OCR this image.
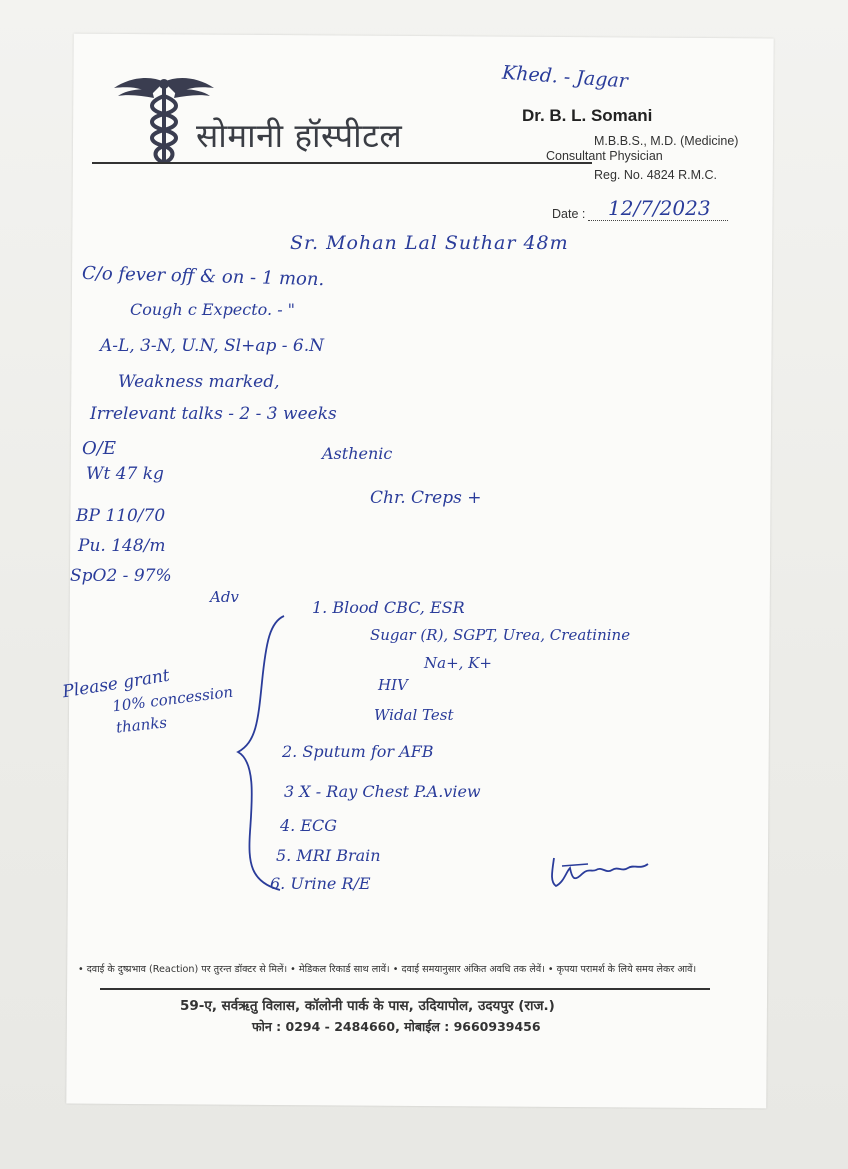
सोमानी हॉस्पीटल
Khed. - Jagar
Dr. B. L. Somani
M.B.B.S., M.D. (Medicine)
Consultant Physician
Reg. No. 4824 R.M.C.
Date : 12/7/2023
Sr. Mohan Lal Suthar 48m
C/o fever off & on - 1 mon.
Cough c Expecto. - "
A-L, 3-N, U.N, Sl+ap - 6.N
Weakness marked,
Irrelevant talks - 2 - 3 weeks
O/E	Asthenic
Wt 47 kg
Chr. Creps +
BP 110/70
Pu. 148/m
SpO2 - 97%
Adv
1. Blood CBC, ESR
Sugar (R), SGPT, Urea, Creatinine
Na+, K+
HIV
Widal Test
2. Sputum for AFB
3 X - Ray Chest P.A.view
4. ECG
5. MRI Brain
6. Urine R/E
Please grant
10% concession
thanks
• दवाई के दुष्प्रभाव (Reaction) पर तुरन्त डॉक्टर से मिलें। • मेडिकल रिकार्ड साथ लावें। • दवाई समयानुसार अंकित अवधि तक लेवें। • कृपया परामर्श के लिये समय लेकर आवें।
59-ए, सर्वऋतु विलास, कॉलोनी पार्क के पास, उदियापोल, उदयपुर (राज.)
फोन : 0294 - 2484660, मोबाईल : 9660939456
